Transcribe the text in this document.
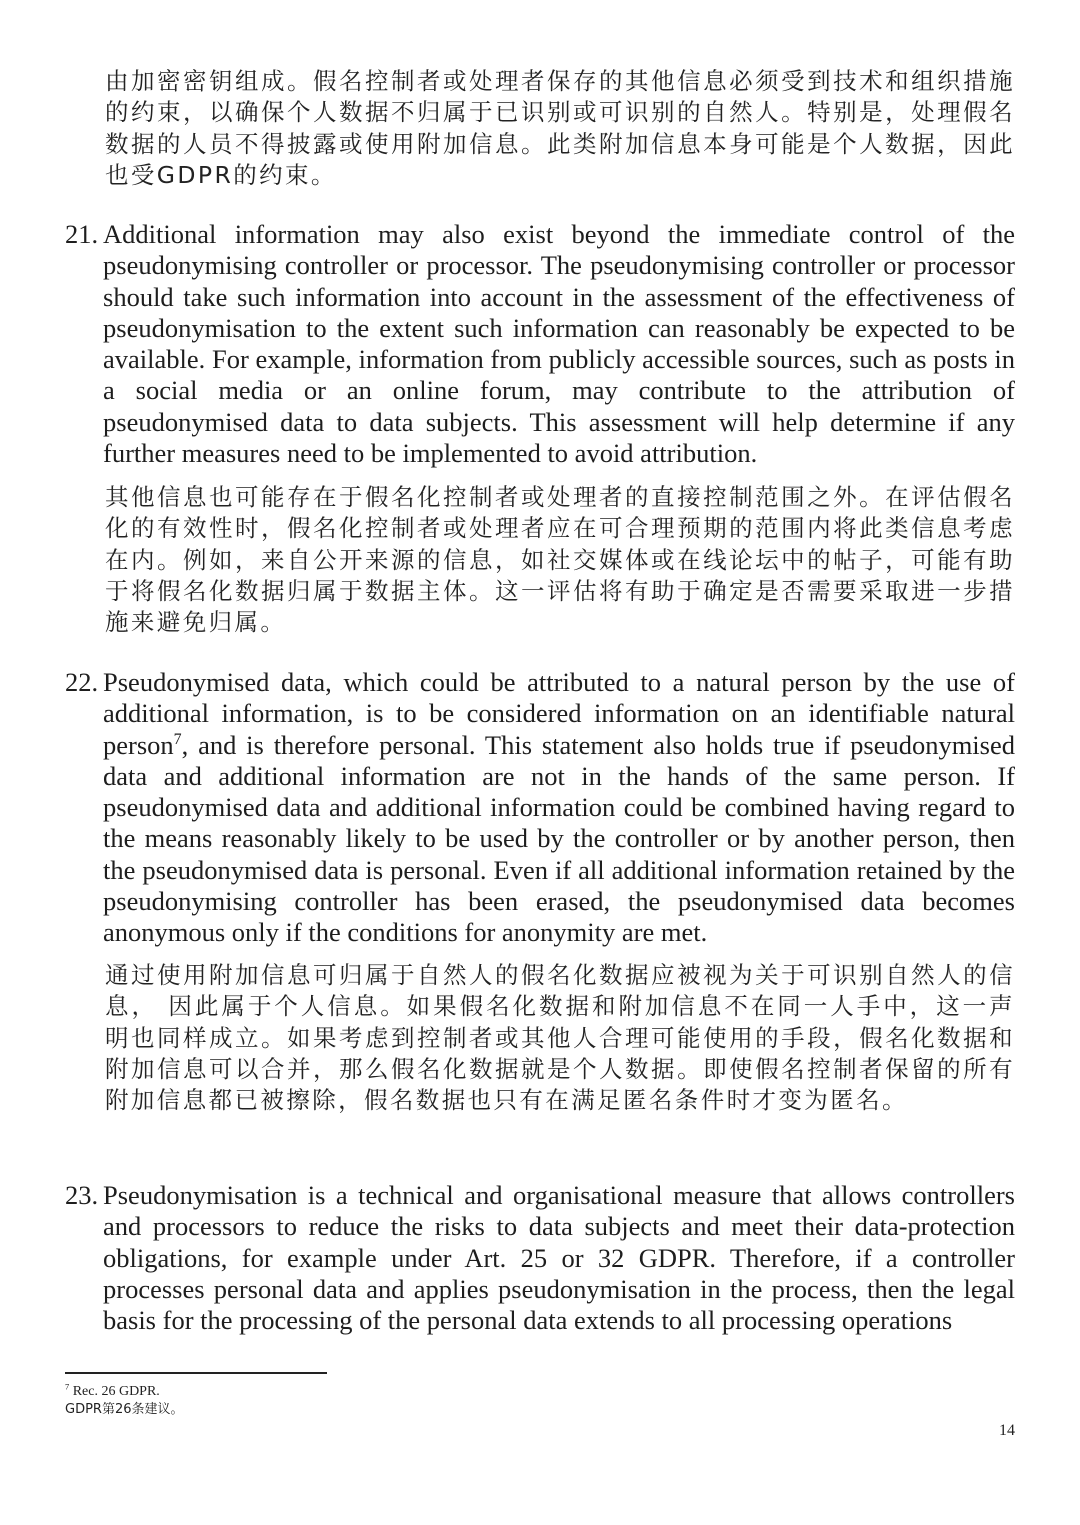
由加密密钥组成。假名控制者或处理者保存的其他信息必须受到技术和组织措施的约束，以确保个人数据不归属于已识别或可识别的自然人。特别是，处理假名数据的人员不得披露或使用附加信息。此类附加信息本身可能是个人数据，因此也受GDPR的约束。

21. Additional information may also exist beyond the immediate control of the pseudonymising controller or processor. The pseudonymising controller or processor should take such information into account in the assessment of the effectiveness of pseudonymisation to the extent such information can reasonably be expected to be available. For example, information from publicly accessible sources, such as posts in a social media or an online forum, may contribute to the attribution of pseudonymised data to data subjects. This assessment will help determine if any further measures need to be implemented to avoid attribution.

其他信息也可能存在于假名化控制者或处理者的直接控制范围之外。在评估假名化的有效性时，假名化控制者或处理者应在可合理预期的范围内将此类信息考虑在内。例如，来自公开来源的信息，如社交媒体或在线论坛中的帖子，可能有助于将假名化数据归属于数据主体。这一评估将有助于确定是否需要采取进一步措施来避免归属。

22. Pseudonymised data, which could be attributed to a natural person by the use of additional information, is to be considered information on an identifiable natural person$^7$, and is therefore personal. This statement also holds true if pseudonymised data and additional information are not in the hands of the same person. If pseudonymised data and additional information could be combined having regard to the means reasonably likely to be used by the controller or by another person, then the pseudonymised data is personal. Even if all additional information retained by the pseudonymising controller has been erased, the pseudonymised data becomes anonymous only if the conditions for anonymity are met.

通过使用附加信息可归属于自然人的假名化数据应被视为关于可识别自然人的信息， 因此属于个人信息。如果假名化数据和附加信息不在同一人手中，这一声明也同样成立。如果考虑到控制者或其他人合理可能使用的手段，假名化数据和附加信息可以合并，那么假名化数据就是个人数据。即使假名控制者保留的所有附加信息都已被擦除，假名数据也只有在满足匿名条件时才变为匿名。

23. Pseudonymisation is a technical and organisational measure that allows controllers and processors to reduce the risks to data subjects and meet their data-protection obligations, for example under Art. 25 or 32 GDPR. Therefore, if a controller processes personal data and applies pseudonymisation in the process, then the legal basis for the processing of the personal data extends to all processing operations

$^7$ Rec. 26 GDPR.
GDPR第26条建议。
14
